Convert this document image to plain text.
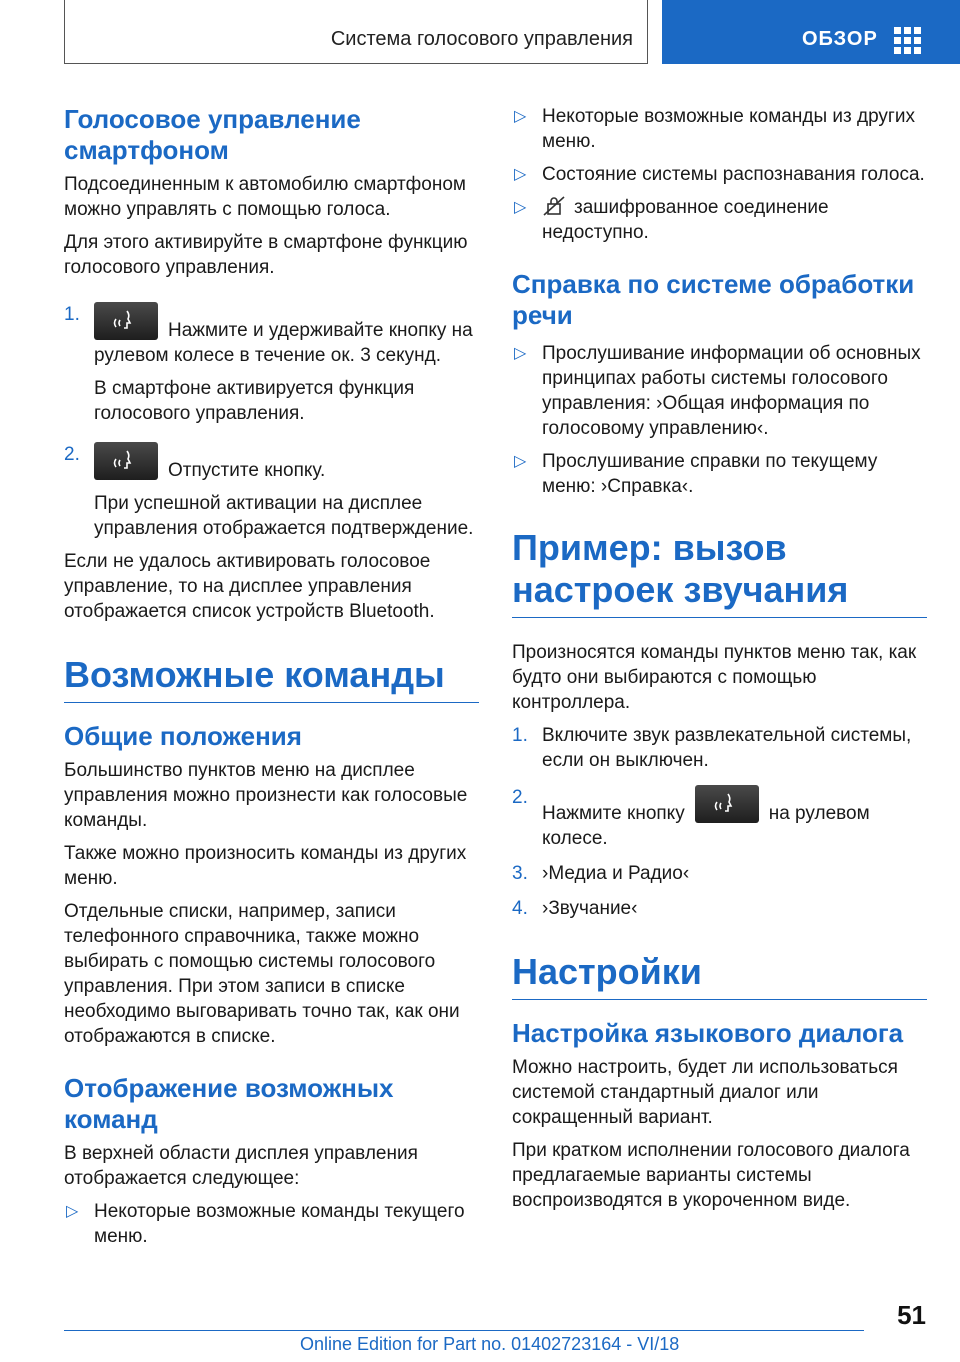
Система голосового управления	ОБЗОР
Голосовое управление смартфоном

Подсоединенным к автомобилю смартфоном можно управлять с помощью голоса.

Для этого активируйте в смартфоне функцию голосового управления.

1.
Нажмите и удерживайте кнопку на рулевом колесе в течение ок. 3 секунд.

В смартфоне активируется функция голосового управления.

2.
Отпустите кнопку.

При успешной активации на дисплее управления отображается подтверждение.

Если не удалось активировать голосовое управление, то на дисплее управления отображается список устройств Bluetooth.

Возможные команды
Общие положения

Большинство пунктов меню на дисплее управления можно произнести как голосовые команды.

Также можно произносить команды из других меню.

Отдельные списки, например, записи телефонного справочника, также можно выбирать с помощью системы голосового управления. При этом записи в списке необходимо выговаривать точно так, как они отображаются в списке.

Отображение возможных команд

В верхней области дисплея управления отображается следующее:

▷ Некоторые возможные команды текущего меню.
▷ Некоторые возможные команды из других меню.
▷ Состояние системы распознавания голоса.
▷	зашифрованное соединение недоступно.
Справка по системе обработки речи
▷ Прослушивание информации об основных принципах работы системы голосового управления: ›Общая информация по голосовому управлению‹.
▷ Прослушивание справки по текущему меню: ›Справка‹.
Пример: вызов настроек звучания

Произносятся команды пунктов меню так, как будто они выбираются с помощью контроллера.

1. Включите звук развлекательной системы, если он выключен.
2.
Нажмите кнопку	на рулевом колесе.
3. ›Медиа и Радио‹
4. ›Звучание‹
Настройки
Настройка языкового диалога

Можно настроить, будет ли использоваться системой стандартный диалог или сокращенный вариант.

При кратком исполнении голосового диалога предлагаемые варианты системы воспроизводятся в укороченном виде.

51
Online Edition for Part no. 01402723164 - VI/18
